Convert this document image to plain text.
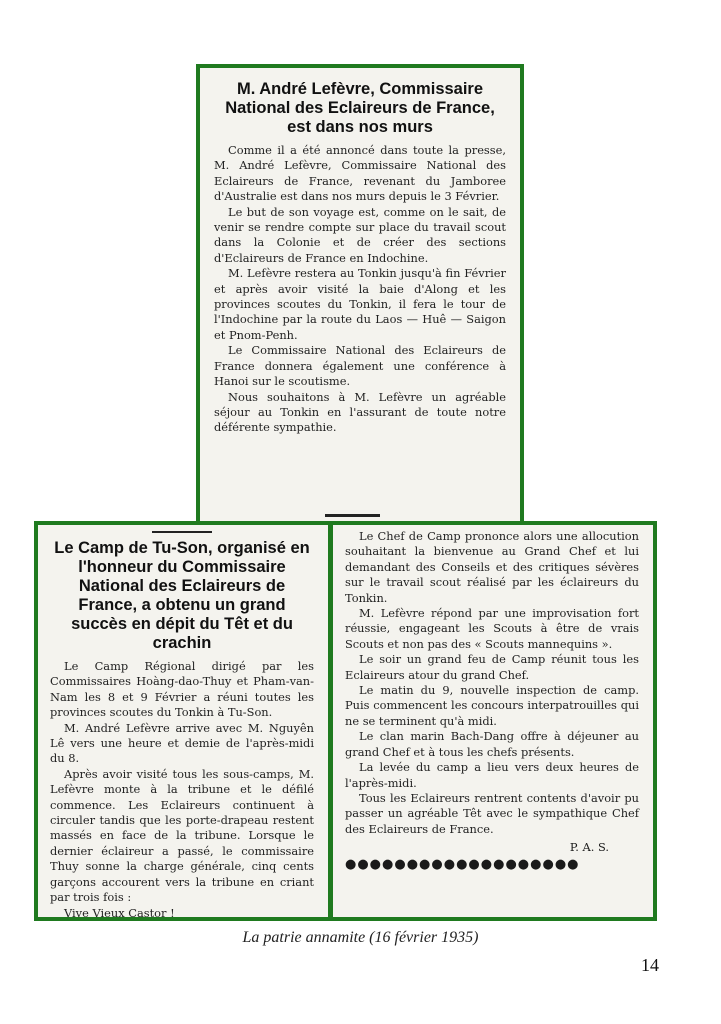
M. André Lefèvre, Commissaire National des Eclaireurs de France, est dans nos murs

Comme il a été annoncé dans toute la presse, M. André Lefèvre, Commissaire National des Eclaireurs de France, revenant du Jamboree d'Australie est dans nos murs depuis le 3 Février.

Le but de son voyage est, comme on le sait, de venir se rendre compte sur place du travail scout dans la Colonie et de créer des sections d'Eclaireurs de France en Indochine.

M. Lefèvre restera au Tonkin jusqu'à fin Février et après avoir visité la baie d'Along et les provinces scoutes du Tonkin, il fera le tour de l'Indochine par la route du Laos — Huê — Saigon et Pnom-Penh.

Le Commissaire National des Eclaireurs de France donnera également une conférence à Hanoi sur le scoutisme.

Nous souhaitons à M. Lefèvre un agréable séjour au Tonkin en l'assurant de toute notre déférente sympathie.

Le Camp de Tu-Son, organisé en l'honneur du Commissaire National des Eclaireurs de France, a obtenu un grand succès en dépit du Têt et du crachin

Le Camp Régional dirigé par les Commissaires Hoàng-dao-Thuy et Pham-van-Nam les 8 et 9 Février a réuni toutes les provinces scoutes du Tonkin à Tu-Son.

M. André Lefèvre arrive avec M. Nguyên Lê vers une heure et demie de l'après-midi du 8.

Après avoir visité tous les sous-camps, M. Lefèvre monte à la tribune et le défilé commence. Les Eclaireurs continuent à circuler tandis que les porte-drapeau restent massés en face de la tribune. Lorsque le dernier éclaireur a passé, le commissaire Thuy sonne la charge générale, cinq cents garçons accourent vers la tribune en criant par trois fois :

Vive Vieux Castor !

Le Chef de Camp prononce alors une allocution souhaitant la bienvenue au Grand Chef et lui demandant des Conseils et des critiques sévères sur le travail scout réalisé par les éclaireurs du Tonkin.

M. Lefèvre répond par une improvisation fort réussie, engageant les Scouts à être de vrais Scouts et non pas des « Scouts mannequins ».

Le soir un grand feu de Camp réunit tous les Eclaireurs atour du grand Chef.

Le matin du 9, nouvelle inspection de camp. Puis commencent les concours interpatrouilles qui ne se terminent qu'à midi.

Le clan marin Bach-Dang offre à déjeuner au grand Chef et à tous les chefs présents.

La levée du camp a lieu vers deux heures de l'après-midi.

Tous les Eclaireurs rentrent contents d'avoir pu passer un agréable Têt avec le sympathique Chef des Eclaireurs de France.

P. A. S.
●●●●●●●●●●●●●●●●●●●
La patrie annamite (16 février 1935)
14
